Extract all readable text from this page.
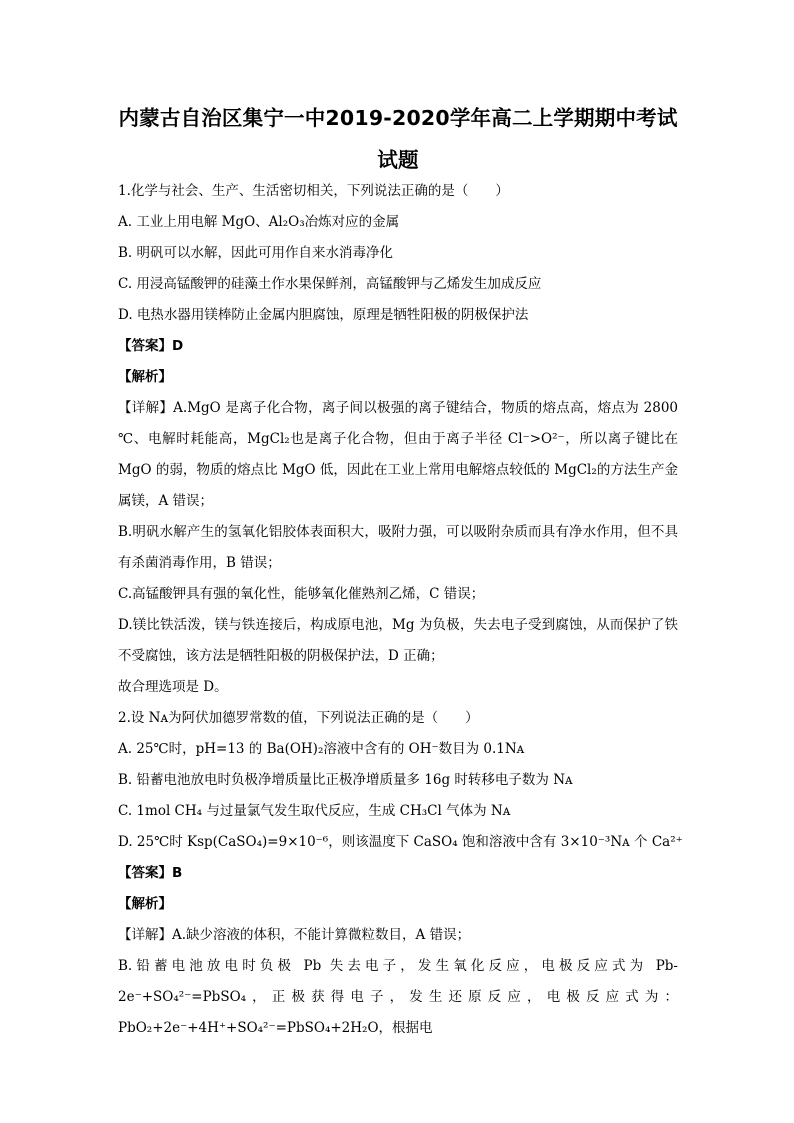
内蒙古自治区集宁一中2019-2020学年高二上学期期中考试

试题

1.化学与社会、生产、生活密切相关，下列说法正确的是（　　）

A. 工业上用电解 MgO、Al₂O₃冶炼对应的金属

B. 明矾可以水解，因此可用作自来水消毒净化

C. 用浸高锰酸钾的硅藻土作水果保鲜剂，高锰酸钾与乙烯发生加成反应

D. 电热水器用镁棒防止金属内胆腐蚀，原理是牺牲阳极的阴极保护法

【答案】D

【解析】

【详解】A.MgO 是离子化合物，离子间以极强的离子键结合，物质的熔点高，熔点为 2800 ℃、电解时耗能高，MgCl₂也是离子化合物，但由于离子半径 Cl⁻>O²⁻，所以离子键比在 MgO 的弱，物质的熔点比 MgO 低，因此在工业上常用电解熔点较低的 MgCl₂的方法生产金属镁，A 错误；

B.明矾水解产生的氢氧化铝胶体表面积大，吸附力强，可以吸附杂质而具有净水作用，但不具有杀菌消毒作用，B 错误；

C.高锰酸钾具有强的氧化性，能够氧化催熟剂乙烯，C 错误；

D.镁比铁活泼，镁与铁连接后，构成原电池，Mg 为负极，失去电子受到腐蚀，从而保护了铁不受腐蚀，该方法是牺牲阳极的阴极保护法，D 正确；

故合理选项是 D。

2.设 Nᴀ为阿伏加德罗常数的值，下列说法正确的是（　　）

A. 25℃时，pH=13 的 Ba(OH)₂溶液中含有的 OH⁻数目为 0.1Nᴀ

B. 铅蓄电池放电时负极净增质量比正极净增质量多 16g 时转移电子数为 Nᴀ

C. 1mol CH₄ 与过量氯气发生取代反应，生成 CH₃Cl 气体为 Nᴀ

D. 25℃时 Ksp(CaSO₄)=9×10⁻⁶，则该温度下 CaSO₄ 饱和溶液中含有 3×10⁻³Nᴀ 个 Ca²⁺

【答案】B

【解析】

【详解】A.缺少溶液的体积，不能计算微粒数目，A 错误；

B.铅蓄电池放电时负极 Pb 失去电子，发生氧化反应，电极反应式为 Pb-2e⁻+SO₄²⁻=PbSO₄，正极获得电子，发生还原反应，电极反应式为：PbO₂+2e⁻+4H⁺+SO₄²⁻=PbSO₄+2H₂O，根据电
